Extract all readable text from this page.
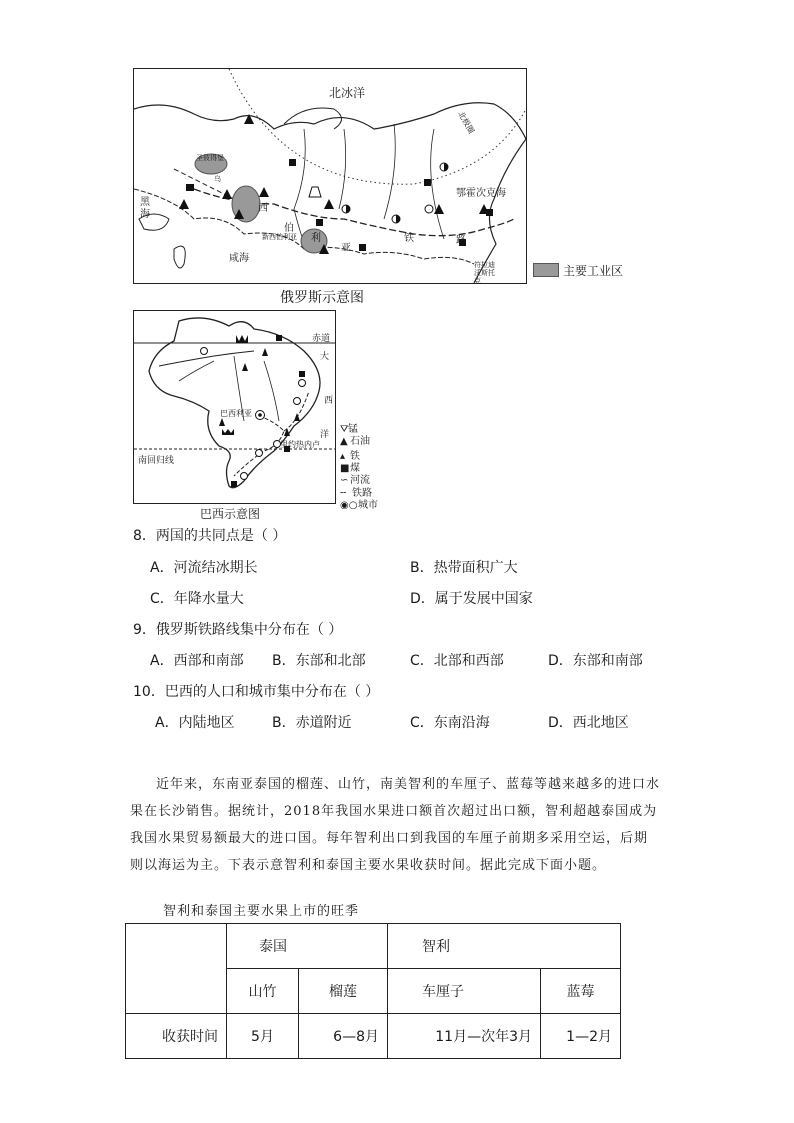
北冰洋
鄂霍次克海
黑海
咸海
西
伯
利
亚
铁	路
新西伯利亚
符拉迪沃斯托克
圣彼得堡
乌
北极圈
主要工业区
俄罗斯示意图
赤道
大
西
洋
南回归线
巴西利亚
里约热内卢
⛛锰
▲ 石油
▴ 铁
■煤
∽ 河流
╌ 铁路
◉○城市
巴西示意图
8．两国的共同点是（ ）
A．河流结冰期长	B．热带面积广大
C．年降水量大	D．属于发展中国家
9．俄罗斯铁路线集中分布在（ ）
A．西部和南部 B．东部和北部	C．北部和西部	D．东部和南部
10．巴西的人口和城市集中分布在（ ）
A．内陆地区	B．赤道附近	C．东南沿海	D．西北地区
近年来，东南亚泰国的榴莲、山竹，南美智利的车厘子、蓝莓等越来越多的进口水果在长沙销售。据统计，2018年我国水果进口额首次超过出口额，智利超越泰国成为我国水果贸易额最大的进口国。每年智利出口到我国的车厘子前期多采用空运，后期则以海运为主。下表示意智利和泰国主要水果收获时间。据此完成下面小题。
智利和泰国主要水果上市的旺季
	泰国		智利	
	山竹	榴莲	车厘子	蓝莓
收获时间	5月	6—8月	11月—次年3月	1—2月
